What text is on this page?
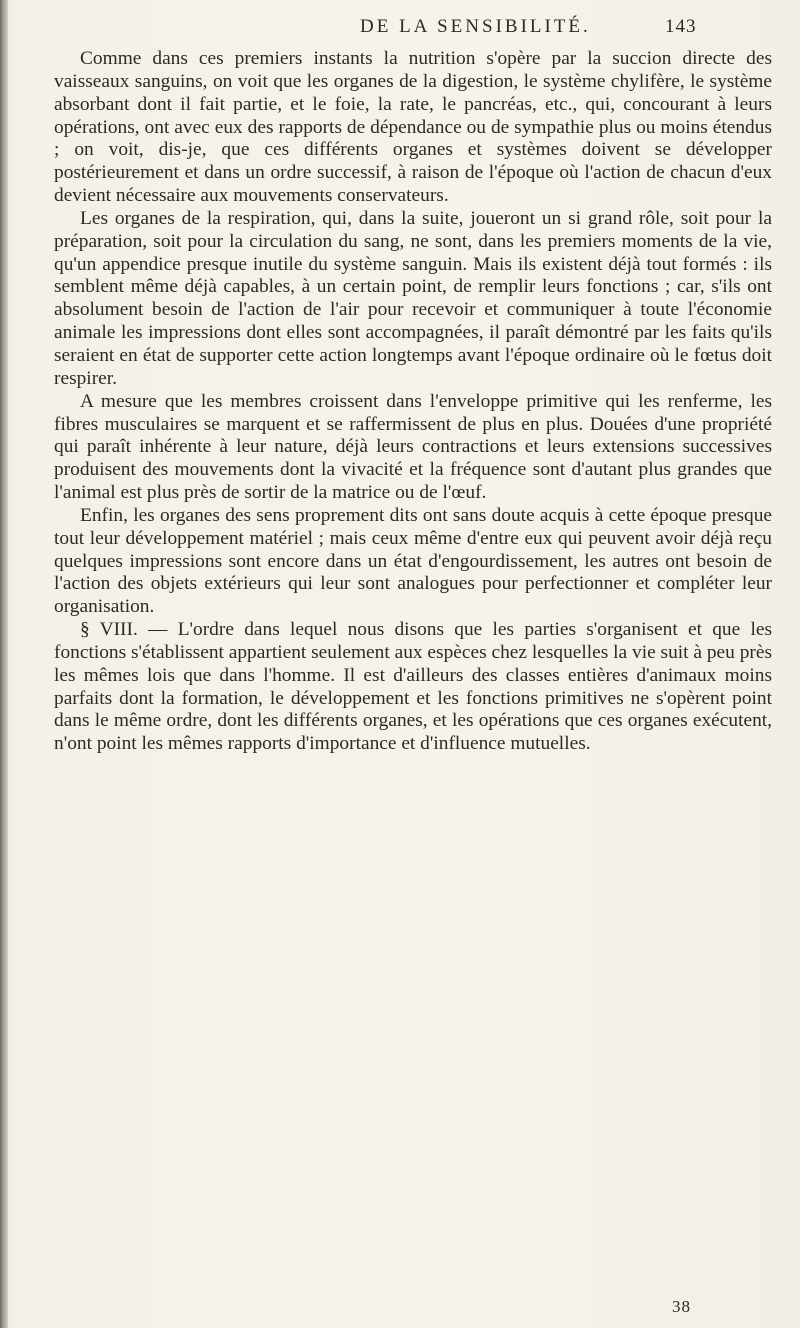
DE LA SENSIBILITÉ.	143

Comme dans ces premiers instants la nutrition s'opère par la succion directe des vaisseaux sanguins, on voit que les organes de la digestion, le système chylifère, le système absorbant dont il fait partie, et le foie, la rate, le pancréas, etc., qui, concourant à leurs opérations, ont avec eux des rapports de dépendance ou de sympathie plus ou moins étendus ; on voit, dis-je, que ces différents organes et systèmes doivent se développer postérieurement et dans un ordre successif, à raison de l'époque où l'action de chacun d'eux devient nécessaire aux mouvements conservateurs.

Les organes de la respiration, qui, dans la suite, joueront un si grand rôle, soit pour la préparation, soit pour la circulation du sang, ne sont, dans les premiers moments de la vie, qu'un appendice presque inutile du système sanguin. Mais ils existent déjà tout formés : ils semblent même déjà capables, à un certain point, de remplir leurs fonctions ; car, s'ils ont absolument besoin de l'action de l'air pour recevoir et communiquer à toute l'économie animale les impressions dont elles sont accompagnées, il paraît démontré par les faits qu'ils seraient en état de supporter cette action longtemps avant l'époque ordinaire où le fœtus doit respirer.

A mesure que les membres croissent dans l'enveloppe primitive qui les renferme, les fibres musculaires se marquent et se raffermissent de plus en plus. Douées d'une propriété qui paraît inhérente à leur nature, déjà leurs contractions et leurs extensions successives produisent des mouvements dont la vivacité et la fréquence sont d'autant plus grandes que l'animal est plus près de sortir de la matrice ou de l'œuf.

Enfin, les organes des sens proprement dits ont sans doute acquis à cette époque presque tout leur développement matériel ; mais ceux même d'entre eux qui peuvent avoir déjà reçu quelques impressions sont encore dans un état d'engourdissement, les autres ont besoin de l'action des objets extérieurs qui leur sont analogues pour perfectionner et compléter leur organisation.

§ VIII. — L'ordre dans lequel nous disons que les parties s'organisent et que les fonctions s'établissent appartient seulement aux espèces chez lesquelles la vie suit à peu près les mêmes lois que dans l'homme. Il est d'ailleurs des classes entières d'animaux moins parfaits dont la formation, le développement et les fonctions primitives ne s'opèrent point dans le même ordre, dont les différents organes, et les opérations que ces organes exécutent, n'ont point les mêmes rapports d'importance et d'influence mutuelles.

38
